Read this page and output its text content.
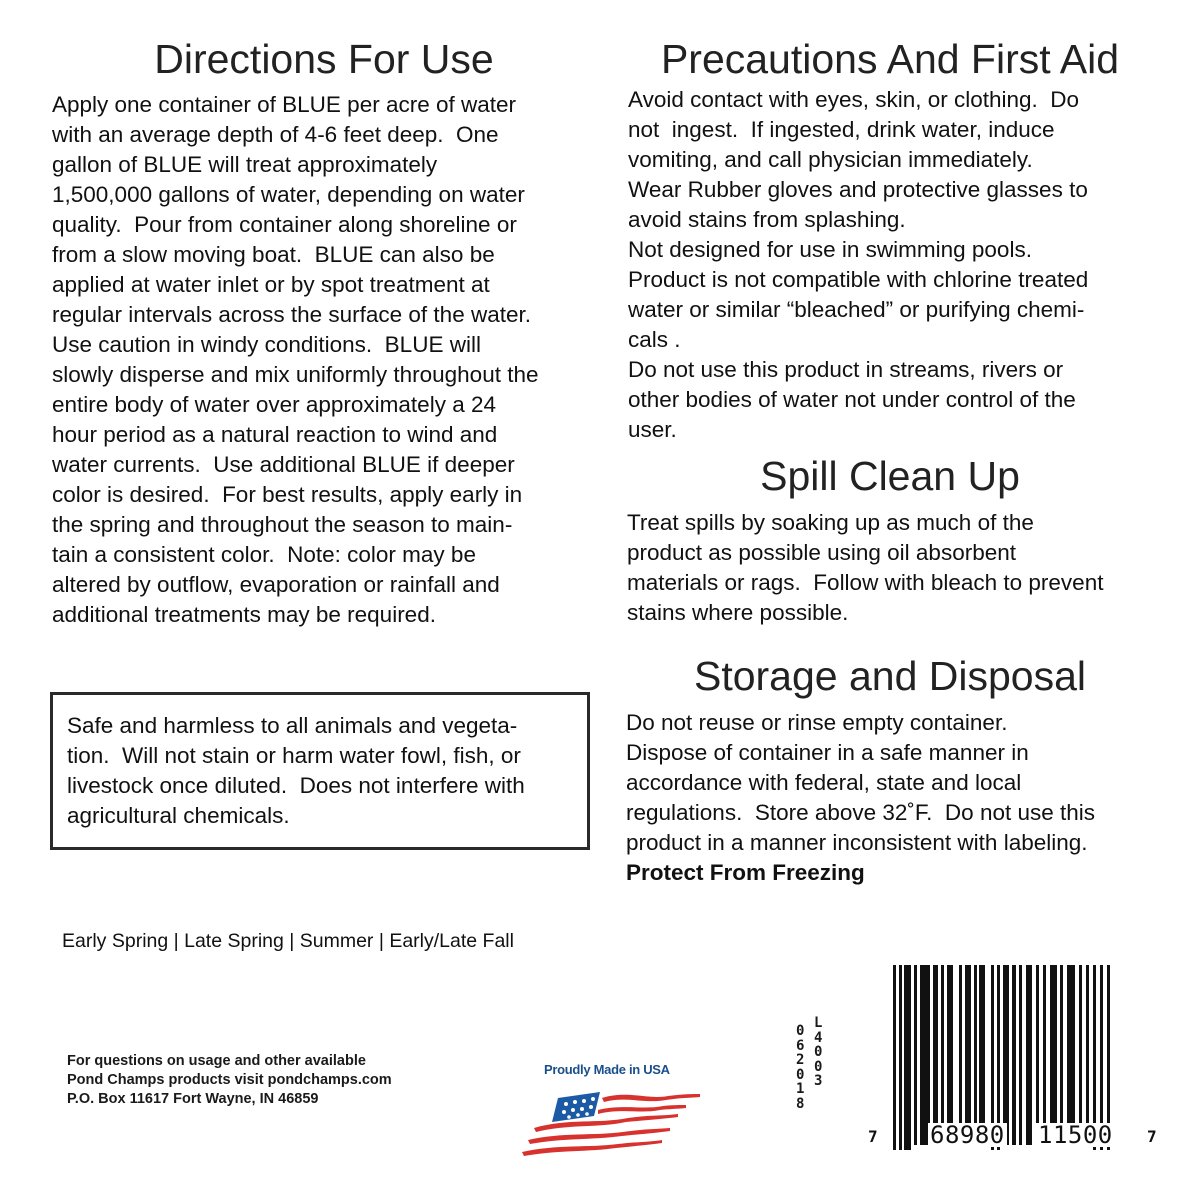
Directions For Use
Apply one container of BLUE per acre of water
with an average depth of 4-6 feet deep.  One
gallon of BLUE will treat approximately
1,500,000 gallons of water, depending on water
quality.  Pour from container along shoreline or
from a slow moving boat.  BLUE can also be
applied at water inlet or by spot treatment at
regular intervals across the surface of the water.
Use caution in windy conditions.  BLUE will
slowly disperse and mix uniformly throughout the
entire body of water over approximately a 24
hour period as a natural reaction to wind and
water currents.  Use additional BLUE if deeper
color is desired.  For best results, apply early in
the spring and throughout the season to main-
tain a consistent color.  Note: color may be
altered by outflow, evaporation or rainfall and
additional treatments may be required.
Safe and harmless to all animals and vegeta-
tion.  Will not stain or harm water fowl, fish, or
livestock once diluted.  Does not interfere with
agricultural chemicals.
Early Spring | Late Spring | Summer | Early/Late Fall
For questions on usage and other available
Pond Champs products visit pondchamps.com
P.O. Box 11617 Fort Wayne, IN 46859
Precautions And First Aid
Avoid contact with eyes, skin, or clothing.  Do
not  ingest.  If ingested, drink water, induce
vomiting, and call physician immediately.
Wear Rubber gloves and protective glasses to
avoid stains from splashing.
Not designed for use in swimming pools.
Product is not compatible with chlorine treated
water or similar “bleached” or purifying chemi-
cals .
Do not use this product in streams, rivers or
other bodies of water not under control of the
user.
Spill Clean Up
Treat spills by soaking up as much of the
product as possible using oil absorbent
materials or rags.  Follow with bleach to prevent
stains where possible.
Storage and Disposal
Do not reuse or rinse empty container.
Dispose of container in a safe manner in
accordance with federal, state and local
regulations.  Store above 32˚F.  Do not use this
product in a manner inconsistent with labeling.
Protect From Freezing
Proudly Made in USA
0
6
2
0
1
8
L
4
0
0
3
7 68980 11500 7
